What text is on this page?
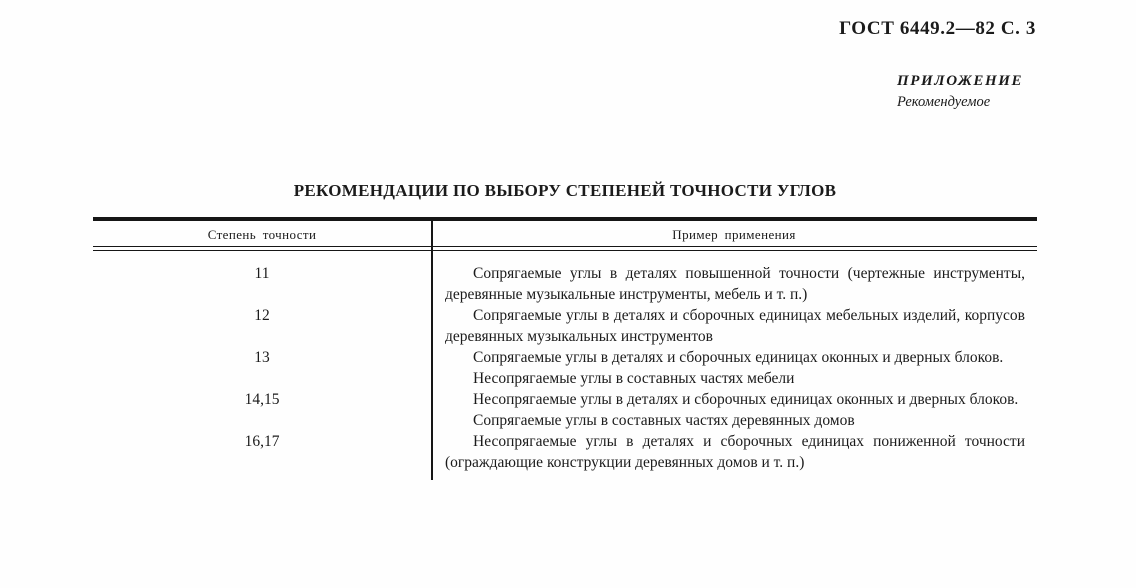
ГОСТ 6449.2—82 С. 3
ПРИЛОЖЕНИЕ
Рекомендуемое
РЕКОМЕНДАЦИИ ПО ВЫБОРУ СТЕПЕНЕЙ ТОЧНОСТИ УГЛОВ
Степень точности	Пример применения
11	Сопрягаемые углы в деталях повышенной точности (чертежные инструменты, деревянные музыкальные инструменты, мебель и т. п.)

12	Сопрягаемые углы в деталях и сборочных единицах мебельных изделий, корпусов деревянных музыкальных инструментов

13	Сопрягаемые углы в деталях и сборочных единицах оконных и дверных блоков.

Несопрягаемые углы в составных частях мебели

14,15	Несопрягаемые углы в деталях и сборочных единицах оконных и дверных блоков.

Сопрягаемые углы в составных частях деревянных домов

16,17	Несопрягаемые углы в деталях и сборочных единицах пониженной точности (ограждающие конструкции деревянных домов и т. п.)
